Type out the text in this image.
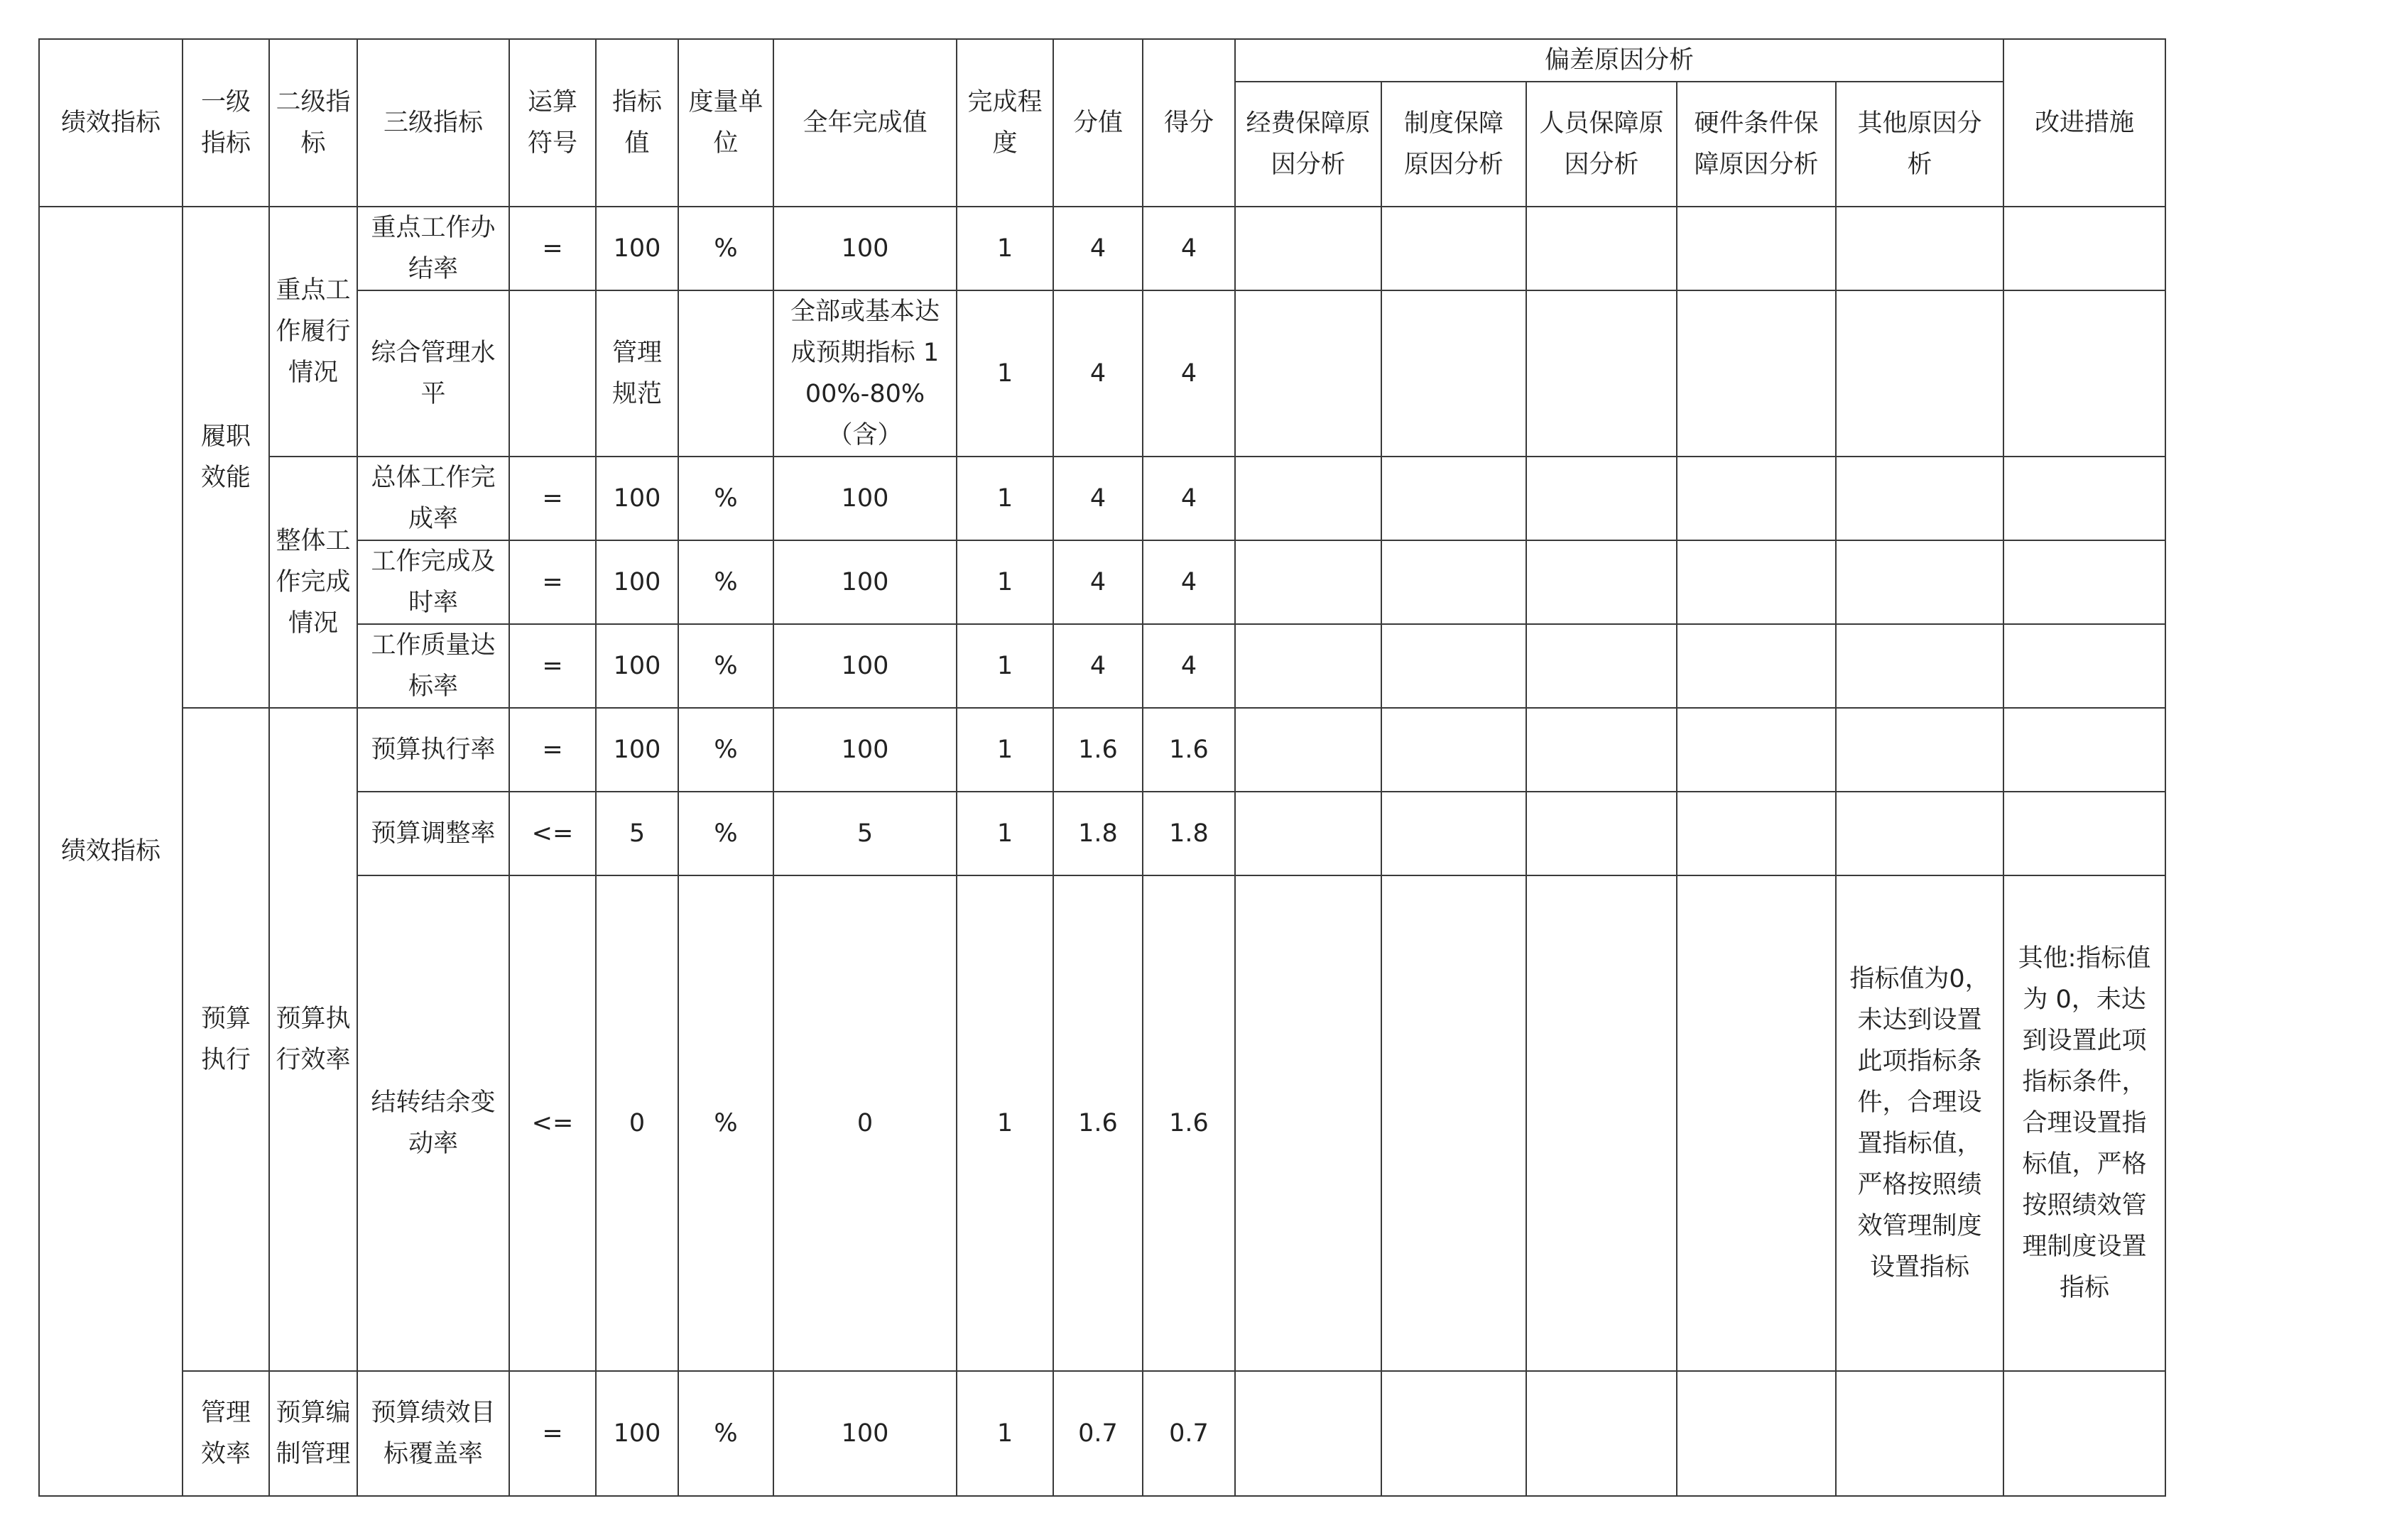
绩效指标	一级指标	二级指标	三级指标	运算符号	指标值	度量单位	全年完成值	完成程度	分值	得分	偏差原因分析					改进措施
											经费保障原因分析	制度保障原因分析	人员保障原因分析	硬件条件保障原因分析	其他原因分析	
绩效指标	履职效能	重点工作履行情况	重点工作办结率	=	100	%	100	1	4	4						
			综合管理水平		管理规范		全部或基本达成预期指标 100%-80%（含）	1	4	4						
		整体工作完成情况	总体工作完成率	=	100	%	100	1	4	4						
			工作完成及时率	=	100	%	100	1	4	4						
			工作质量达标率	=	100	%	100	1	4	4						
	预算执行	预算执行效率	预算执行率	=	100	%	100	1	1.6	1.6						
			预算调整率	<=	5	%	5	1	1.8	1.8						
			结转结余变动率	<=	0	%	0	1	1.6	1.6					指标值为0，未达到设置此项指标条件，合理设置指标值，严格按照绩效管理制度设置指标	其他:指标值为 0，未达到设置此项指标条件，合理设置指标值，严格按照绩效管理制度设置指标
	管理效率	预算编制管理	预算绩效目标覆盖率	=	100	%	100	1	0.7	0.7						
